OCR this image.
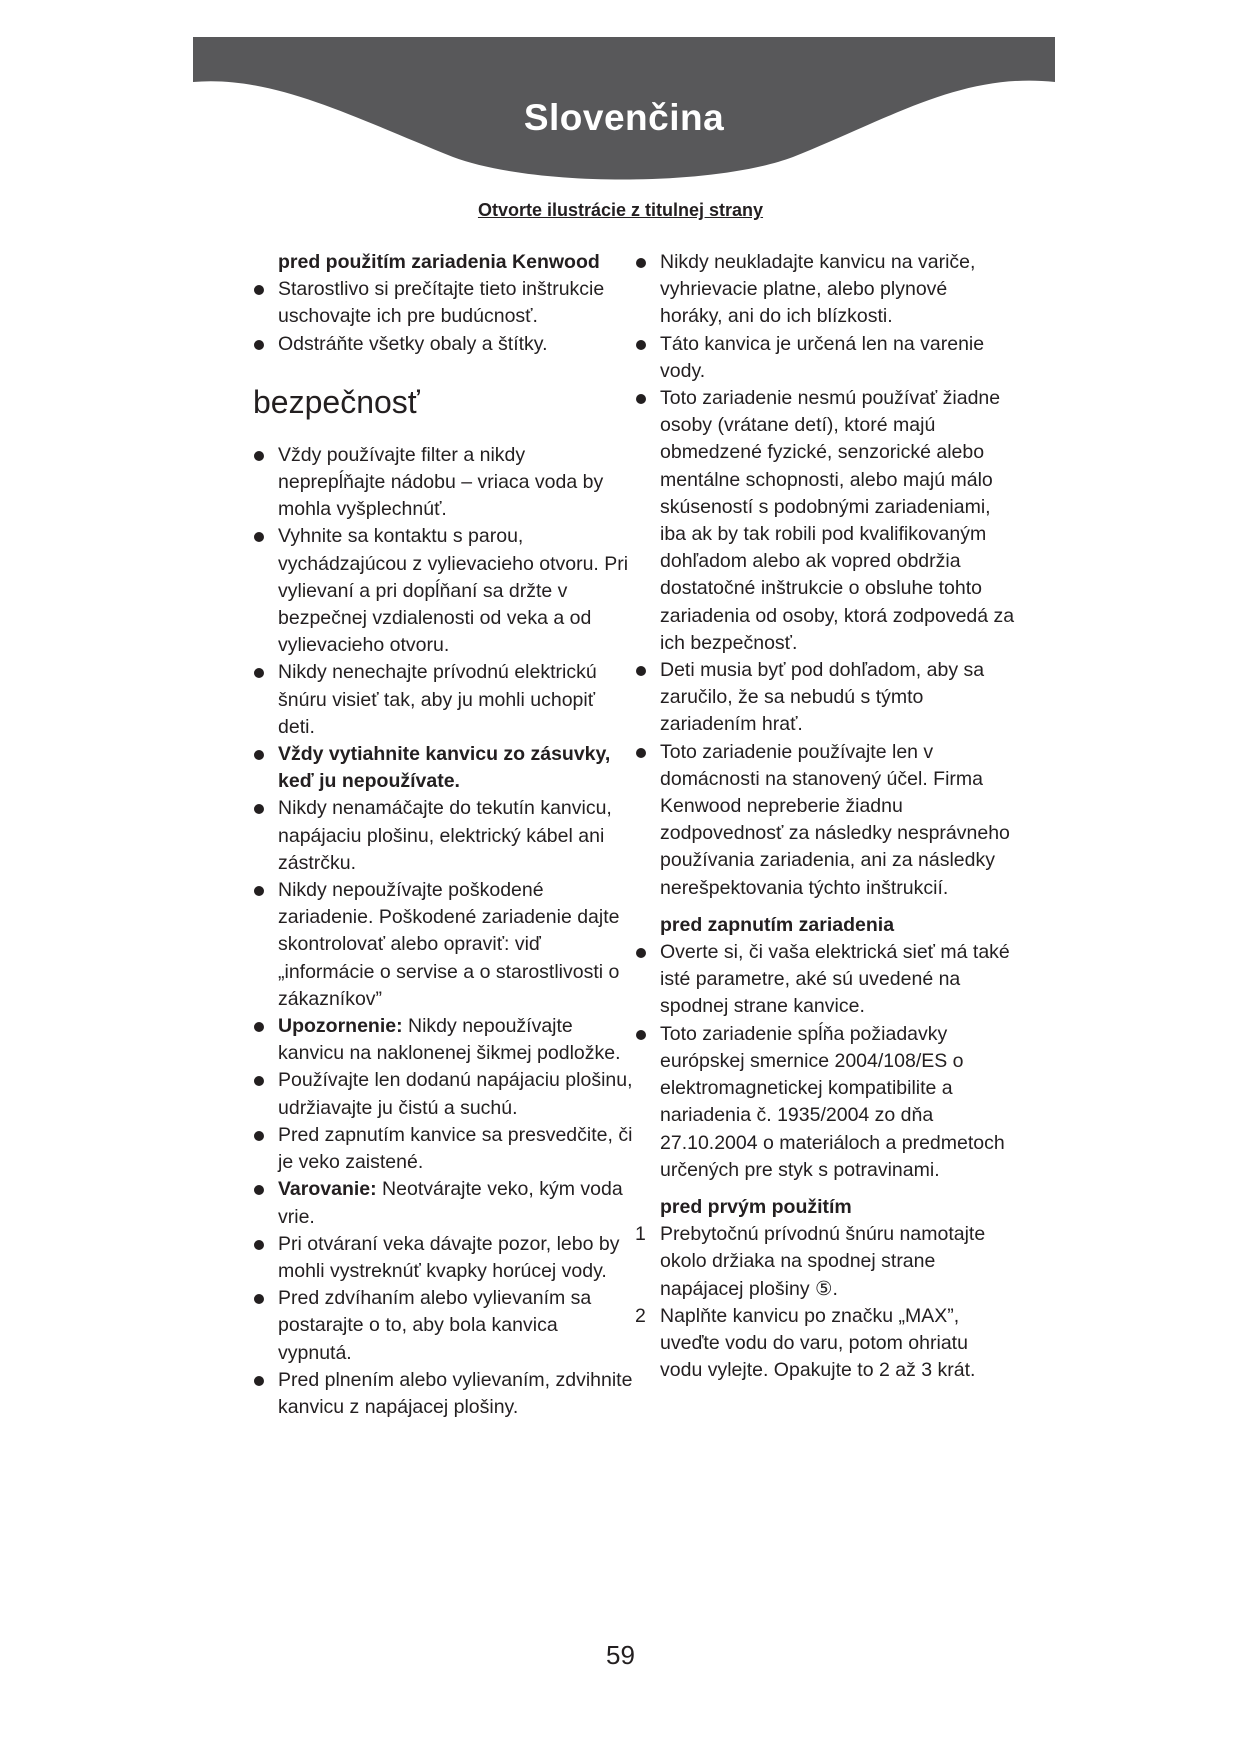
Slovenčina
Otvorte ilustrácie z titulnej strany

pred použitím zariadenia Kenwood

Starostlivo si prečítajte tieto inštrukcie uschovajte ich pre budúcnosť.

Odstráňte všetky obaly a štítky.

bezpečnosť

Vždy používajte filter a nikdy neprepĺňajte nádobu – vriaca voda by mohla vyšplechnúť.

Vyhnite sa kontaktu s parou, vychádzajúcou z vylievacieho otvoru. Pri vylievaní a pri dopĺňaní sa držte v bezpečnej vzdialenosti od veka a od vylievacieho otvoru.

Nikdy nenechajte prívodnú elektrickú šnúru visieť tak, aby ju mohli uchopiť deti.

Vždy vytiahnite kanvicu zo zásuvky, keď ju nepoužívate.

Nikdy nenamáčajte do tekutín kanvicu, napájaciu plošinu, elektrický kábel ani zástrčku.

Nikdy nepoužívajte poškodené zariadenie. Poškodené zariadenie dajte skontrolovať alebo opraviť: viď „informácie o servise a o starostlivosti o zákazníkov”

Upozornenie: Nikdy nepoužívajte kanvicu na naklonenej šikmej podložke.

Používajte len dodanú napájaciu plošinu, udržiavajte ju čistú a suchú.

Pred zapnutím kanvice sa presvedčite, či je veko zaistené.

Varovanie: Neotvárajte veko, kým voda vrie.

Pri otváraní veka dávajte pozor, lebo by mohli vystreknúť kvapky horúcej vody.

Pred zdvíhaním alebo vylievaním sa postarajte o to, aby bola kanvica vypnutá.

Pred plnením alebo vylievaním, zdvihnite kanvicu z napájacej plošiny.

Nikdy neukladajte kanvicu na variče, vyhrievacie platne, alebo plynové horáky, ani do ich blízkosti.

Táto kanvica je určená len na varenie vody.

Toto zariadenie nesmú používať žiadne osoby (vrátane detí), ktoré majú obmedzené fyzické, senzorické alebo mentálne schopnosti, alebo majú málo skúseností s podobnými zariadeniami, iba ak by tak robili pod kvalifikovaným dohľadom alebo ak vopred obdržia dostatočné inštrukcie o obsluhe tohto zariadenia od osoby, ktorá zodpovedá za ich bezpečnosť.

Deti musia byť pod dohľadom, aby sa zaručilo, že sa nebudú s týmto zariadením hrať.

Toto zariadenie používajte len v domácnosti na stanovený účel. Firma Kenwood nepreberie žiadnu zodpovednosť za následky nesprávneho používania zariadenia, ani za následky nerešpektovania týchto inštrukcií.

pred zapnutím zariadenia

Overte si, či vaša elektrická sieť má také isté parametre, aké sú uvedené na spodnej strane kanvice.

Toto zariadenie spĺňa požiadavky európskej smernice 2004/108/ES o elektromagnetickej kompatibilite a nariadenia č. 1935/2004 zo dňa 27.10.2004 o materiáloch a predmetoch určených pre styk s potravinami.

pred prvým použitím

1 Prebytočnú prívodnú šnúru namotajte okolo držiaka na spodnej strane napájacej plošiny ⑤.

2 Naplňte kanvicu po značku „MAX”, uveďte vodu do varu, potom ohriatu vodu vylejte. Opakujte to 2 až 3 krát.

59
